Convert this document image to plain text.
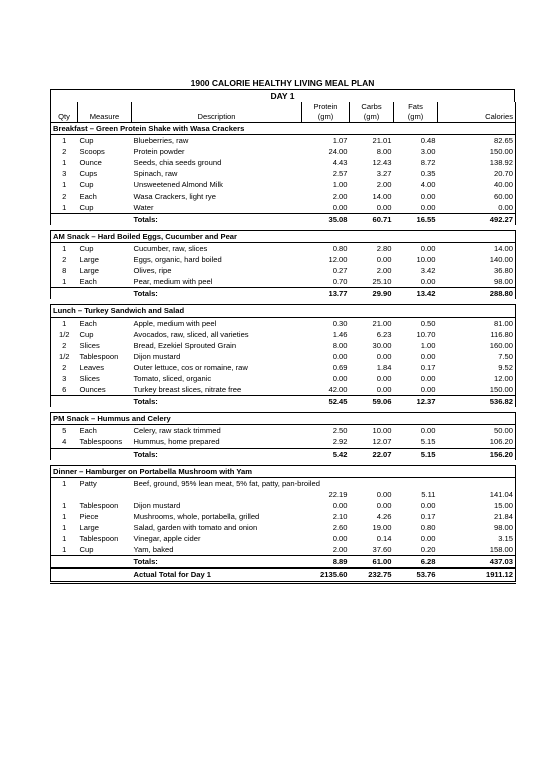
1900 CALORIE HEALTHY LIVING MEAL PLAN
DAY 1
			Protein	Carbs	Fats	
Qty	Measure	Description	(gm)	(gm)	(gm)	Calories
Breakfast – Green Protein Shake with Wasa Crackers						
1	Cup	Blueberries, raw	1.07	21.01	0.48	82.65
2	Scoops	Protein powder	24.00	8.00	3.00	150.00
1	Ounce	Seeds, chia seeds ground	4.43	12.43	8.72	138.92
3	Cups	Spinach, raw	2.57	3.27	0.35	20.70
1	Cup	Unsweetened Almond Milk	1.00	2.00	4.00	40.00
2	Each	Wasa Crackers, light rye	2.00	14.00	0.00	60.00
1	Cup	Water	0.00	0.00	0.00	0.00
		Totals:	35.08	60.71	16.55	492.27

AM Snack – Hard Boiled Eggs, Cucumber and Pear						
1	Cup	Cucumber, raw, slices	0.80	2.80	0.00	14.00
2	Large	Eggs, organic, hard boiled	12.00	0.00	10.00	140.00
8	Large	Olives, ripe	0.27	2.00	3.42	36.80
1	Each	Pear, medium with peel	0.70	25.10	0.00	98.00
		Totals:	13.77	29.90	13.42	288.80

Lunch – Turkey Sandwich and Salad						
1	Each	Apple, medium with peel	0.30	21.00	0.50	81.00
1/2	Cup	Avocados, raw, sliced, all varieties	1.46	6.23	10.70	116.80
2	Slices	Bread, Ezekiel Sprouted Grain	8.00	30.00	1.00	160.00
1/2	Tablespoon	Dijon mustard	0.00	0.00	0.00	7.50
2	Leaves	Outer lettuce, cos or romaine, raw	0.69	1.84	0.17	9.52
3	Slices	Tomato, sliced, organic	0.00	0.00	0.00	12.00
6	Ounces	Turkey breast slices, nitrate free	42.00	0.00	0.00	150.00
		Totals:	52.45	59.06	12.37	536.82

PM Snack – Hummus and Celery						
5	Each	Celery, raw stack trimmed	2.50	10.00	0.00	50.00
4	Tablespoons	Hummus, home prepared	2.92	12.07	5.15	106.20
		Totals:	5.42	22.07	5.15	156.20

Dinner – Hamburger on Portabella Mushroom with Yam						
1	Patty	Beef, ground, 95% lean meat, 5% fat, patty, pan-broiled				
			22.19	0.00	5.11	141.04
1	Tablespoon	Dijon mustard	0.00	0.00	0.00	15.00
1	Piece	Mushrooms, whole, portabella, grilled	2.10	4.26	0.17	21.84
1	Large	Salad, garden with tomato and onion	2.60	19.00	0.80	98.00
1	Tablespoon	Vinegar, apple cider	0.00	0.14	0.00	3.15
1	Cup	Yam, baked	2.00	37.60	0.20	158.00
		Totals:	8.89	61.00	6.28	437.03
		Actual Total for Day 1	2135.60	232.75	53.76	1911.12
